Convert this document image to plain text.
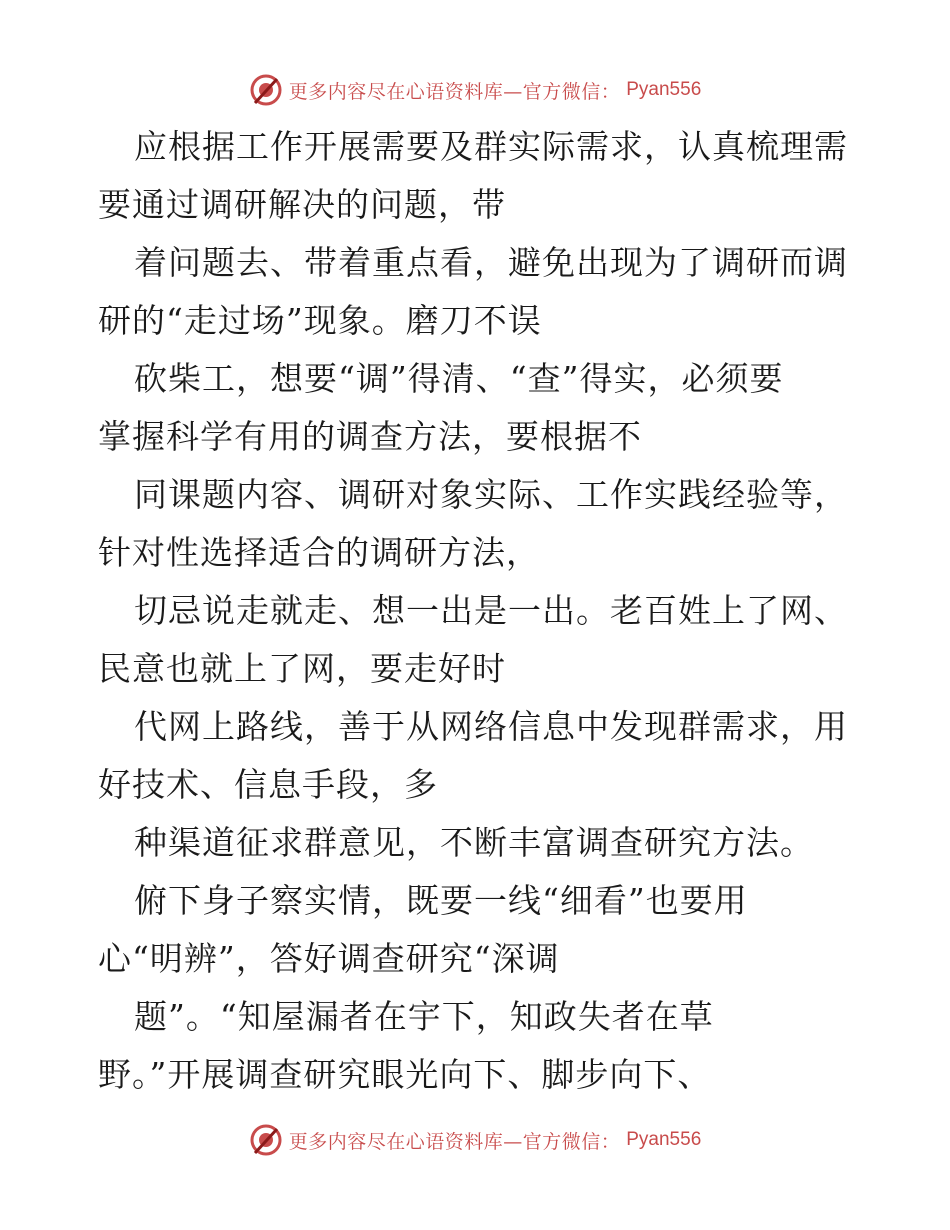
更多内容尽在心语资料库—官方微信： Pyan556
应根据工作开展需要及群实际需求，认真梳理需
要通过调研解决的问题，带
着问题去、带着重点看，避免出现为了调研而调
研的“走过场”现象。磨刀不误
砍柴工，想要“调”得清、“查”得实，必须要
掌握科学有用的调查方法，要根据不
同课题内容、调研对象实际、工作实践经验等，
针对性选择适合的调研方法，
切忌说走就走、想一出是一出。老百姓上了网、
民意也就上了网，要走好时
代网上路线，善于从网络信息中发现群需求，用
好技术、信息手段，多
种渠道征求群意见，不断丰富调查研究方法。
俯下身子察实情，既要一线“细看”也要用
心“明辨”，答好调查研究“深调
题”。“知屋漏者在宇下，知政失者在草
野。”开展调查研究眼光向下、脚步向下、
更多内容尽在心语资料库—官方微信： Pyan556
